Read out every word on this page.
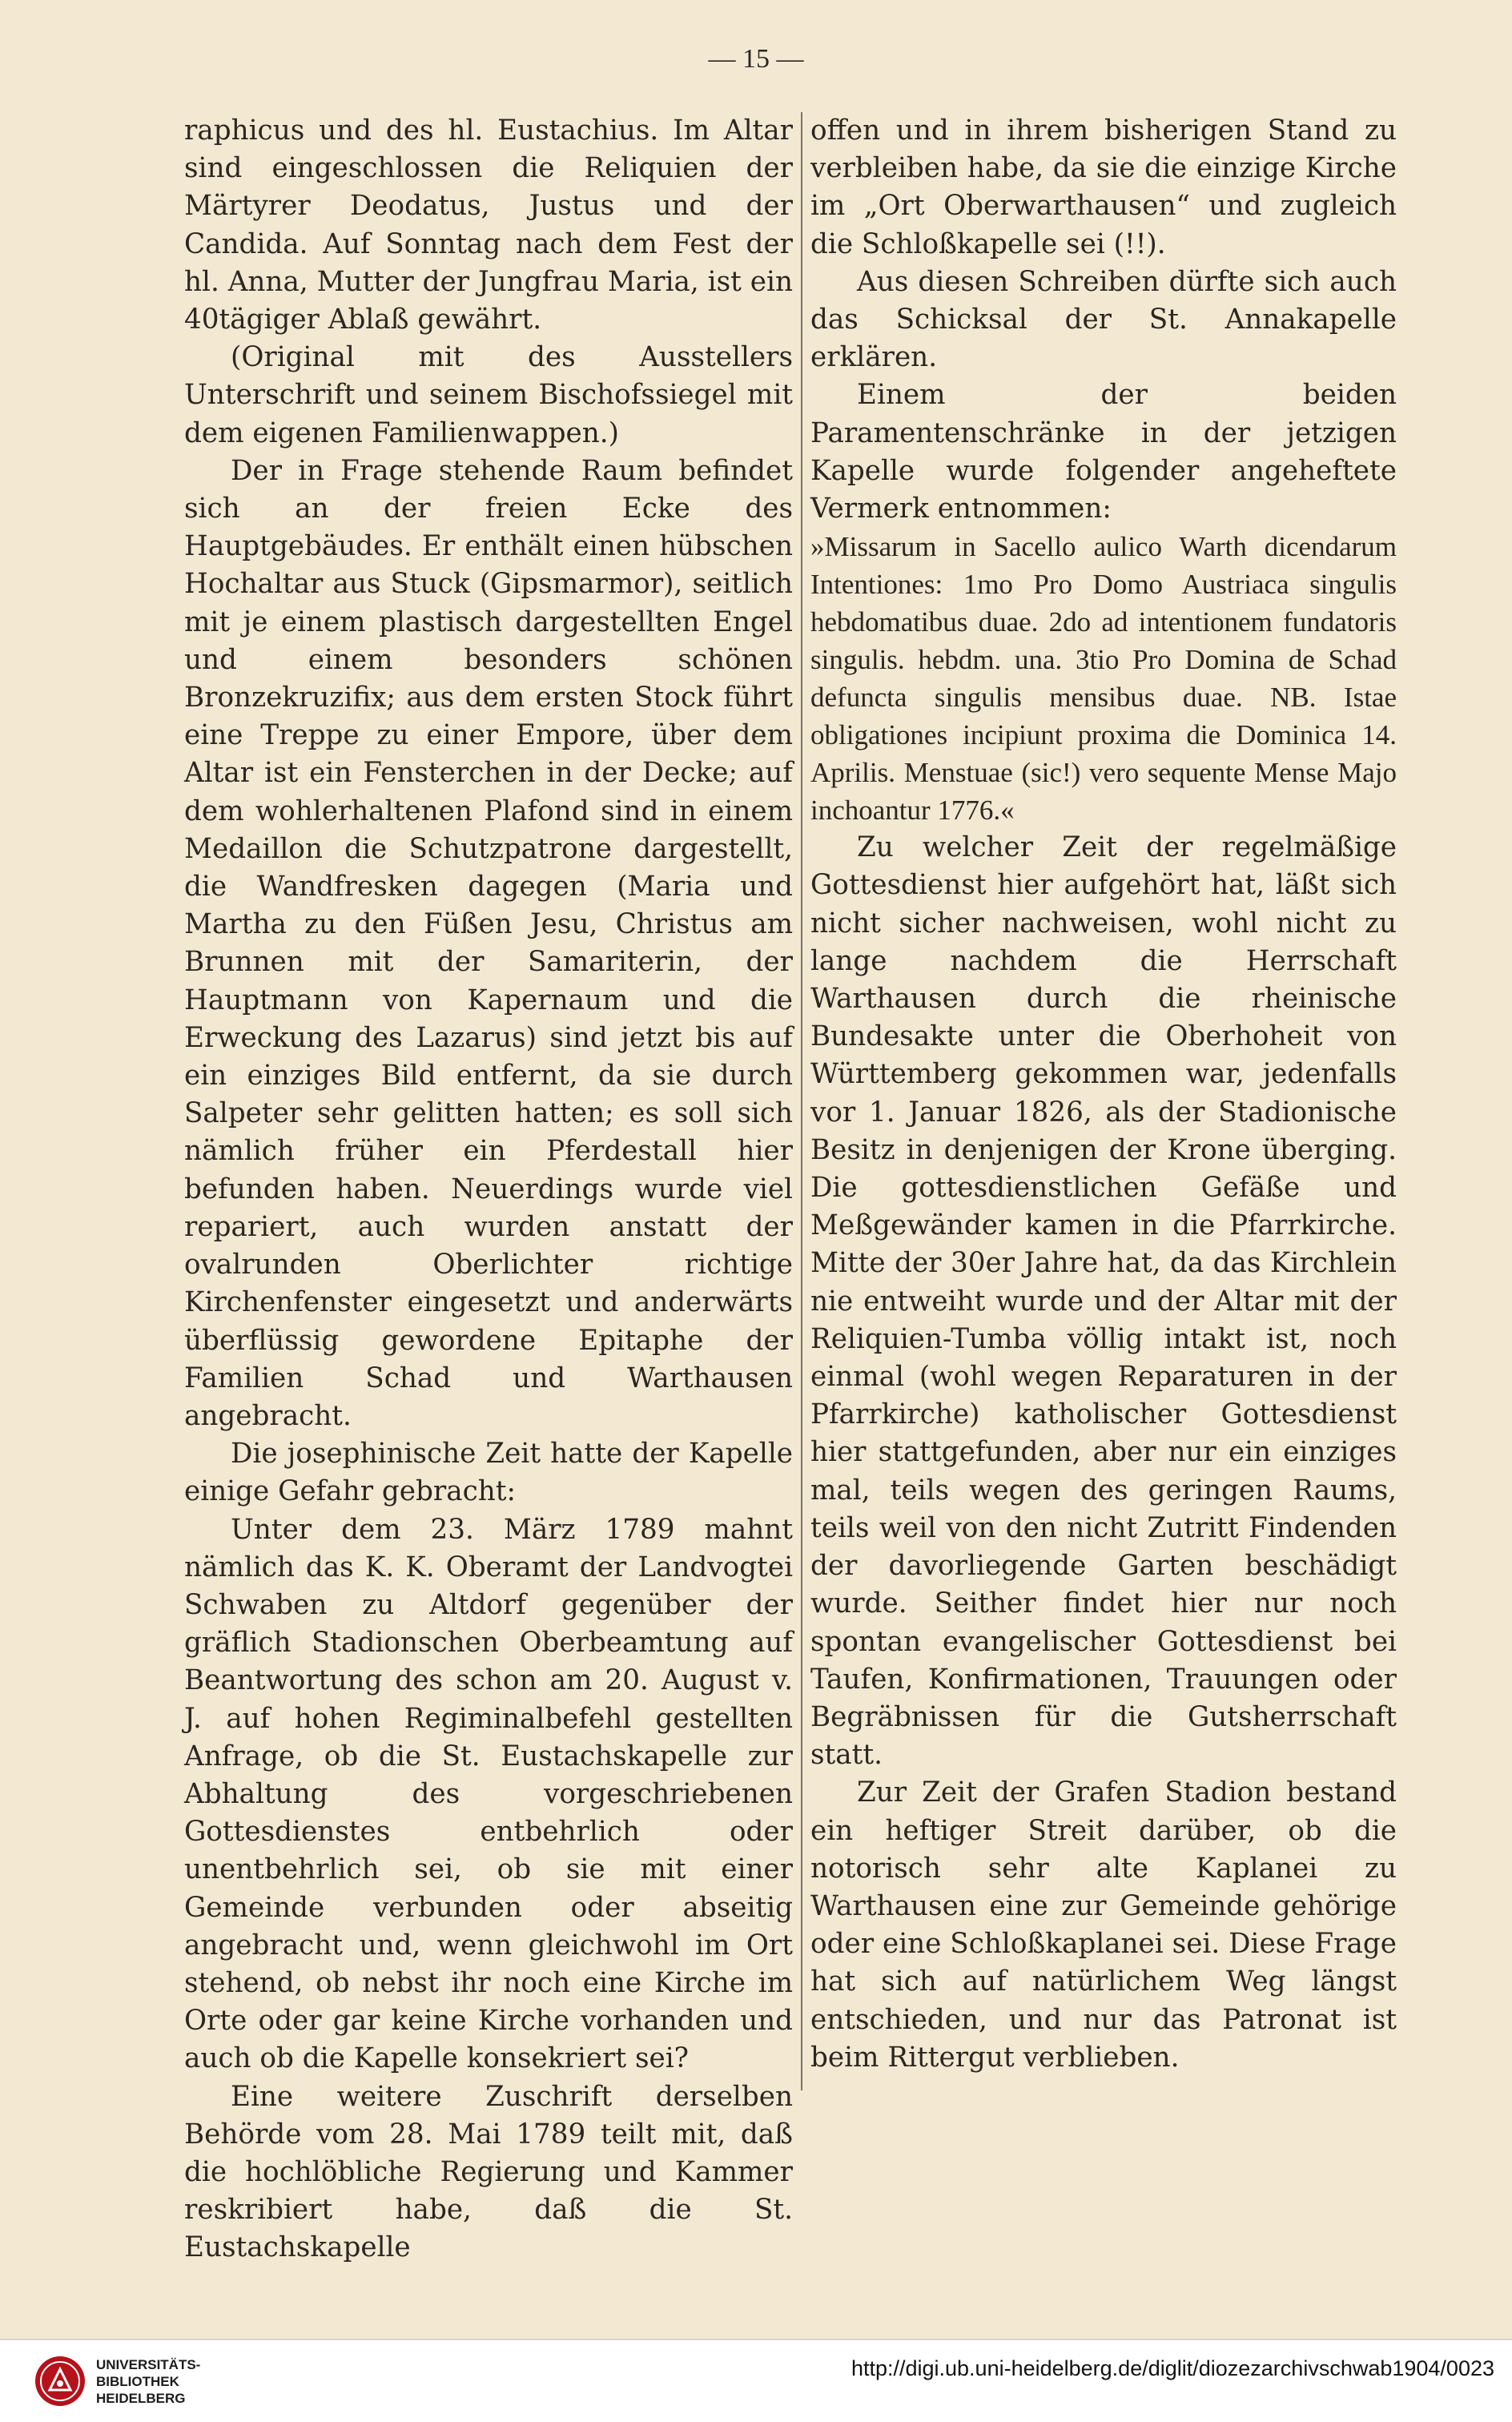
— 15 —

raphicus und des hl. Eustachius. Im Altar sind eingeschlossen die Reliquien der Märtyrer Deodatus, Justus und der Candida. Auf Sonntag nach dem Fest der hl. Anna, Mutter der Jungfrau Maria, ist ein 40tägiger Ablaß gewährt.

(Original mit des Ausstellers Unterschrift und seinem Bischofssiegel mit dem eigenen Familienwappen.)

Der in Frage stehende Raum befindet sich an der freien Ecke des Hauptgebäudes. Er enthält einen hübschen Hochaltar aus Stuck (Gipsmarmor), seitlich mit je einem plastisch dargestellten Engel und einem besonders schönen Bronzekruzifix; aus dem ersten Stock führt eine Treppe zu einer Empore, über dem Altar ist ein Fensterchen in der Decke; auf dem wohlerhaltenen Plafond sind in einem Medaillon die Schutzpatrone dargestellt, die Wandfresken dagegen (Maria und Martha zu den Füßen Jesu, Christus am Brunnen mit der Samariterin, der Hauptmann von Kapernaum und die Erweckung des Lazarus) sind jetzt bis auf ein einziges Bild entfernt, da sie durch Salpeter sehr gelitten hatten; es soll sich nämlich früher ein Pferdestall hier befunden haben. Neuerdings wurde viel repariert, auch wurden anstatt der ovalrunden Oberlichter richtige Kirchenfenster eingesetzt und anderwärts überflüssig gewordene Epitaphe der Familien Schad und Warthausen angebracht.

Die josephinische Zeit hatte der Kapelle einige Gefahr gebracht:

Unter dem 23. März 1789 mahnt nämlich das K. K. Oberamt der Landvogtei Schwaben zu Altdorf gegenüber der gräflich Stadionschen Oberbeamtung auf Beantwortung des schon am 20. August v. J. auf hohen Regiminalbefehl gestellten Anfrage, ob die St. Eustachskapelle zur Abhaltung des vorgeschriebenen Gottesdienstes entbehrlich oder unentbehrlich sei, ob sie mit einer Gemeinde verbunden oder abseitig angebracht und, wenn gleichwohl im Ort stehend, ob nebst ihr noch eine Kirche im Orte oder gar keine Kirche vorhanden und auch ob die Kapelle konsekriert sei?

Eine weitere Zuschrift derselben Behörde vom 28. Mai 1789 teilt mit, daß die hochlöbliche Regierung und Kammer reskribiert habe, daß die St. Eustachskapelle

offen und in ihrem bisherigen Stand zu verbleiben habe, da sie die einzige Kirche im „Ort Oberwarthausen“ und zugleich die Schloßkapelle sei (!!).

Aus diesen Schreiben dürfte sich auch das Schicksal der St. Annakapelle erklären.

Einem der beiden Paramentenschränke in der jetzigen Kapelle wurde folgender angeheftete Vermerk entnommen:

»Missarum in Sacello aulico Warth dicendarum Intentiones: 1mo Pro Domo Austriaca singulis hebdomatibus duae. 2do ad intentionem fundatoris singulis. hebdm. una. 3tio Pro Domina de Schad defuncta singulis mensibus duae. NB. Istae obligationes incipiunt proxima die Dominica 14. Aprilis. Menstuae (sic!) vero sequente Mense Majo inchoantur 1776.«

Zu welcher Zeit der regelmäßige Gottesdienst hier aufgehört hat, läßt sich nicht sicher nachweisen, wohl nicht zu lange nachdem die Herrschaft Warthausen durch die rheinische Bundesakte unter die Oberhoheit von Württemberg gekommen war, jedenfalls vor 1. Januar 1826, als der Stadionische Besitz in denjenigen der Krone überging. Die gottesdienstlichen Gefäße und Meßgewänder kamen in die Pfarrkirche. Mitte der 30er Jahre hat, da das Kirchlein nie entweiht wurde und der Altar mit der Reliquien-Tumba völlig intakt ist, noch einmal (wohl wegen Reparaturen in der Pfarrkirche) katholischer Gottesdienst hier stattgefunden, aber nur ein einziges mal, teils wegen des geringen Raums, teils weil von den nicht Zutritt Findenden der davorliegende Garten beschädigt wurde. Seither findet hier nur noch spontan evangelischer Gottesdienst bei Taufen, Konfirmationen, Trauungen oder Begräbnissen für die Gutsherrschaft statt.

Zur Zeit der Grafen Stadion bestand ein heftiger Streit darüber, ob die notorisch sehr alte Kaplanei zu Warthausen eine zur Gemeinde gehörige oder eine Schloßkaplanei sei. Diese Frage hat sich auf natürlichem Weg längst entschieden, und nur das Patronat ist beim Rittergut verblieben.

UNIVERSITÄTS-
BIBLIOTHEK
HEIDELBERG

http://digi.ub.uni-heidelberg.de/diglit/diozezarchivschwab1904/0023
